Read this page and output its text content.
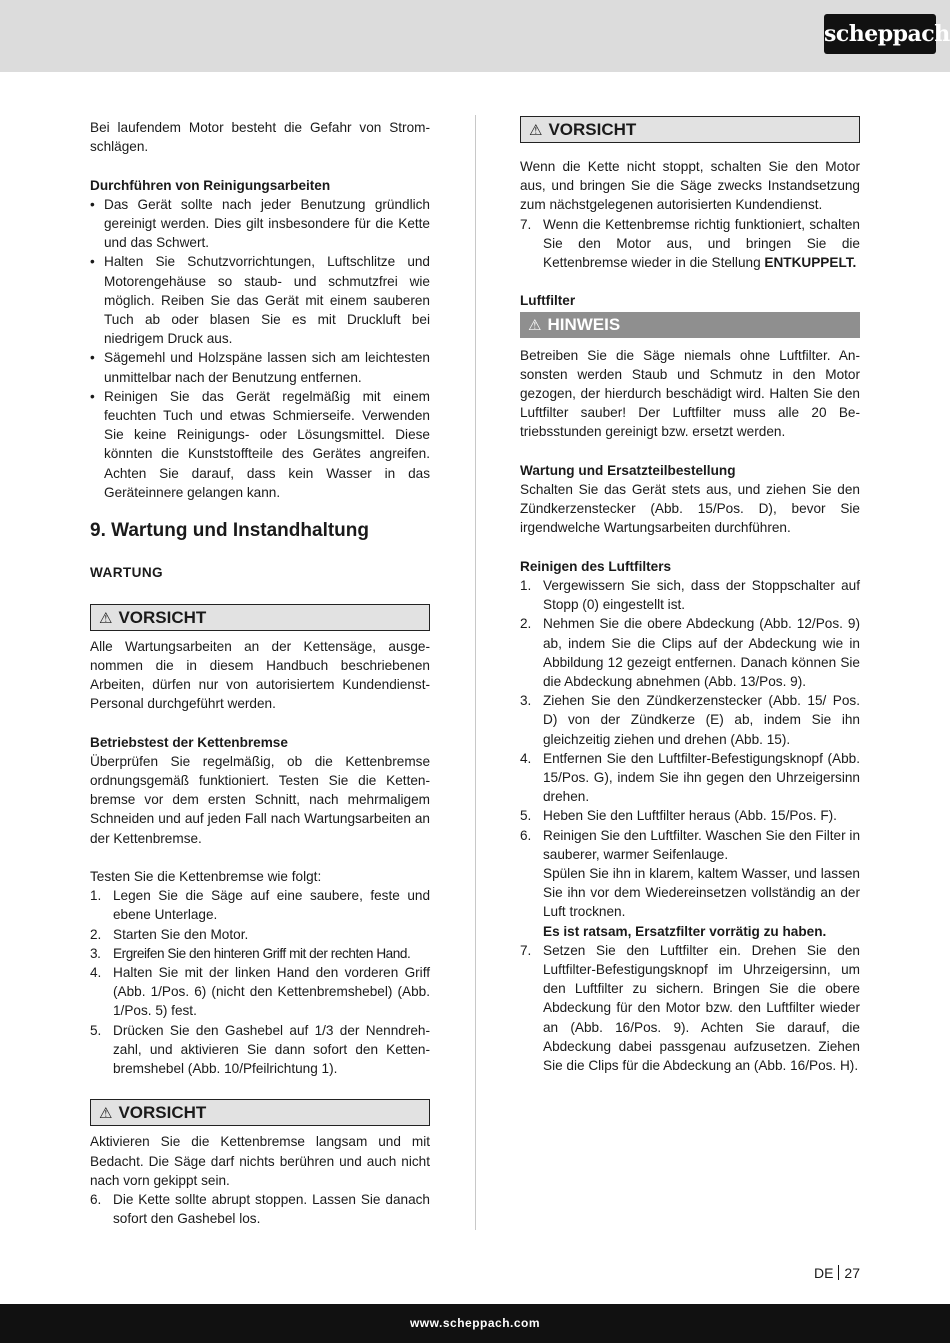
scheppach

Bei laufendem Motor besteht die Gefahr von Stromschlägen.

Durchführen von Reinigungsarbeiten

• Das Gerät sollte nach jeder Benutzung gründlich gereinigt werden. Dies gilt insbesondere für die Kette und das Schwert.
• Halten Sie Schutzvorrichtungen, Luftschlitze und Motorengehäuse so staub- und schmutzfrei wie möglich. Reiben Sie das Gerät mit einem sauberen Tuch ab oder blasen Sie es mit Druckluft bei niedrigem Druck aus.
• Sägemehl und Holzspäne lassen sich am leichtesten unmittelbar nach der Benutzung entfernen.
• Reinigen Sie das Gerät regelmäßig mit einem feuchten Tuch und etwas Schmierseife. Verwenden Sie keine Reinigungs- oder Lösungsmittel. Diese könnten die Kunststoffteile des Gerätes angreifen. Achten Sie darauf, dass kein Wasser in das Geräteinnere gelangen kann.
9. Wartung und Instandhaltung

WARTUNG

⚠ VORSICHT

Alle Wartungsarbeiten an der Kettensäge, ausgenommen die in diesem Handbuch beschriebenen Arbeiten, dürfen nur von autorisiertem Kundendienst-Personal durchgeführt werden.

Betriebstest der Kettenbremse

Überprüfen Sie regelmäßig, ob die Kettenbremse ordnungsgemäß funktioniert. Testen Sie die Kettenbremse vor dem ersten Schnitt, nach mehrmaligem Schneiden und auf jeden Fall nach Wartungsarbeiten an der Kettenbremse.

Testen Sie die Kettenbremse wie folgt:

1. Legen Sie die Säge auf eine saubere, feste und ebene Unterlage.
2. Starten Sie den Motor.
3. Ergreifen Sie den hinteren Griff mit der rechten Hand.
4. Halten Sie mit der linken Hand den vorderen Griff (Abb. 1/Pos. 6) (nicht den Kettenbremshebel) (Abb. 1/Pos. 5) fest.
5. Drücken Sie den Gashebel auf 1/3 der Nenndrehzahl, und aktivieren Sie dann sofort den Kettenbremshebel (Abb. 10/Pfeilrichtung 1).
⚠ VORSICHT

Aktivieren Sie die Kettenbremse langsam und mit Bedacht. Die Säge darf nichts berühren und auch nicht nach vorn gekippt sein.

6. Die Kette sollte abrupt stoppen. Lassen Sie danach sofort den Gashebel los.
⚠ VORSICHT

Wenn die Kette nicht stoppt, schalten Sie den Motor aus, und bringen Sie die Säge zwecks Instandsetzung zum nächstgelegenen autorisierten Kundendienst.

7. Wenn die Kettenbremse richtig funktioniert, schalten Sie den Motor aus, und bringen Sie die Kettenbremse wieder in die Stellung ENTKUPPELT.

Luftfilter

⚠ HINWEIS

Betreiben Sie die Säge niemals ohne Luftfilter. Ansonsten werden Staub und Schmutz in den Motor gezogen, der hierdurch beschädigt wird. Halten Sie den Luftfilter sauber! Der Luftfilter muss alle 20 Betriebsstunden gereinigt bzw. ersetzt werden.

Wartung und Ersatzteilbestellung

Schalten Sie das Gerät stets aus, und ziehen Sie den Zündkerzenstecker (Abb. 15/Pos. D), bevor Sie irgendwelche Wartungsarbeiten durchführen.

Reinigen des Luftfilters

1. Vergewissern Sie sich, dass der Stoppschalter auf Stopp (0) eingestellt ist.
2. Nehmen Sie die obere Abdeckung (Abb. 12/Pos. 9) ab, indem Sie die Clips auf der Abdeckung wie in Abbildung 12 gezeigt entfernen. Danach können Sie die Abdeckung abnehmen (Abb. 13/Pos. 9).
3. Ziehen Sie den Zündkerzenstecker (Abb. 15/ Pos. D) von der Zündkerze (E) ab, indem Sie ihn gleichzeitig ziehen und drehen (Abb. 15).
4. Entfernen Sie den Luftfilter-Befestigungsknopf (Abb. 15/Pos. G), indem Sie ihn gegen den Uhrzeigersinn drehen.
5. Heben Sie den Luftfilter heraus (Abb. 15/Pos. F).
6. Reinigen Sie den Luftfilter. Waschen Sie den Filter in sauberer, warmer Seifenlauge.
Spülen Sie ihn in klarem, kaltem Wasser, und lassen Sie ihn vor dem Wiedereinsetzen vollständig an der Luft trocknen.
Es ist ratsam, Ersatzfilter vorrätig zu haben.
7. Setzen Sie den Luftfilter ein. Drehen Sie den Luftfilter-Befestigungsknopf im Uhrzeigersinn, um den Luftfilter zu sichern. Bringen Sie die obere Abdeckung für den Motor bzw. den Luftfilter wieder an (Abb. 16/Pos. 9). Achten Sie darauf, die Abdeckung dabei passgenau aufzusetzen. Ziehen Sie die Clips für die Abdeckung an (Abb. 16/Pos. H).
DE 27
www.scheppach.com
